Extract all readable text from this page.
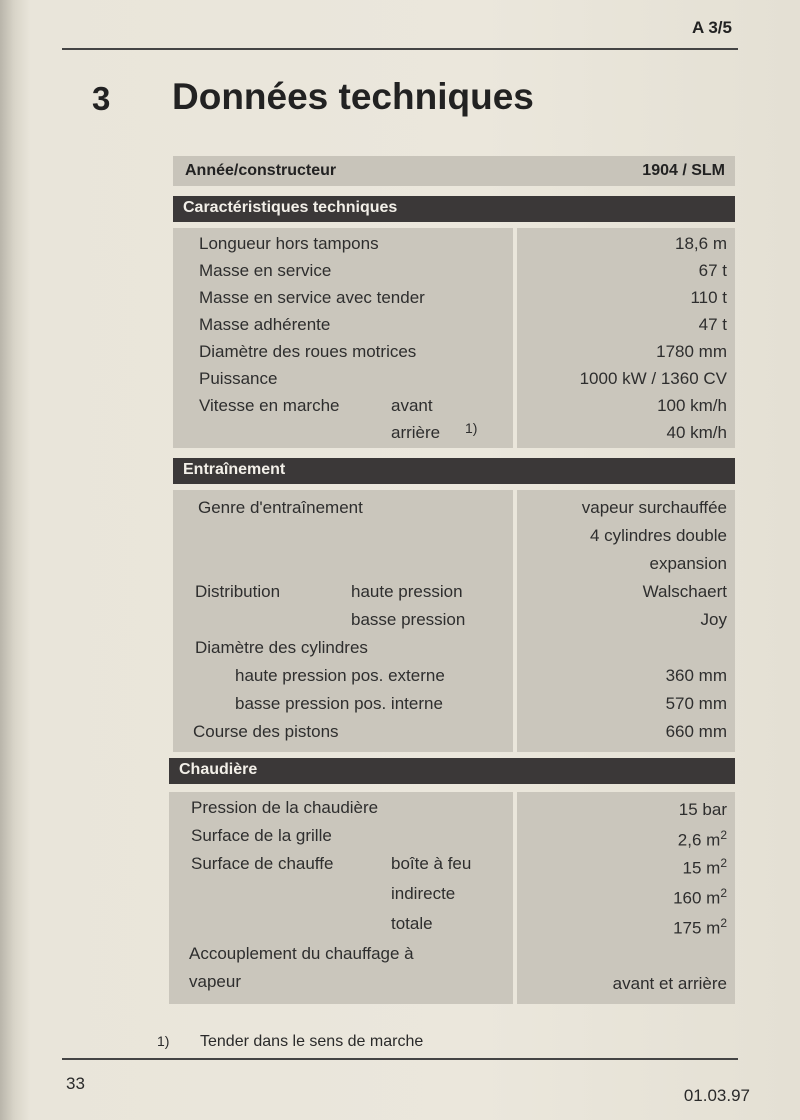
A 3/5
3 Données techniques
Année/constructeur	1904 / SLM
Caractéristiques techniques
Longueur hors tampons	18,6 m
Masse en service	67 t
Masse en service avec tender	110 t
Masse adhérente	47 t
Diamètre des roues motrices	1780 mm
Puissance	1000 kW / 1360 CV
Vitesse en marche	avant	100 km/h
arrière 1)	40 km/h
Entraînement
Genre d'entraînement	vapeur surchauffée
4 cylindres double
expansion
Distribution	haute pression	Walschaert
basse pression	Joy
Diamètre des cylindres
haute pression pos. externe	360 mm
basse pression pos. interne	570 mm
Course des pistons	660 mm
Chaudière
Pression de la chaudière	15 bar
Surface de la grille	2,6 $m^2$
Surface de chauffe	boîte à feu	15 $m^2$
indirecte	160 $m^2$
totale	175 $m^2$
Accouplement du chauffage à
vapeur	avant et arrière
1) Tender dans le sens de marche
33
01.03.97
